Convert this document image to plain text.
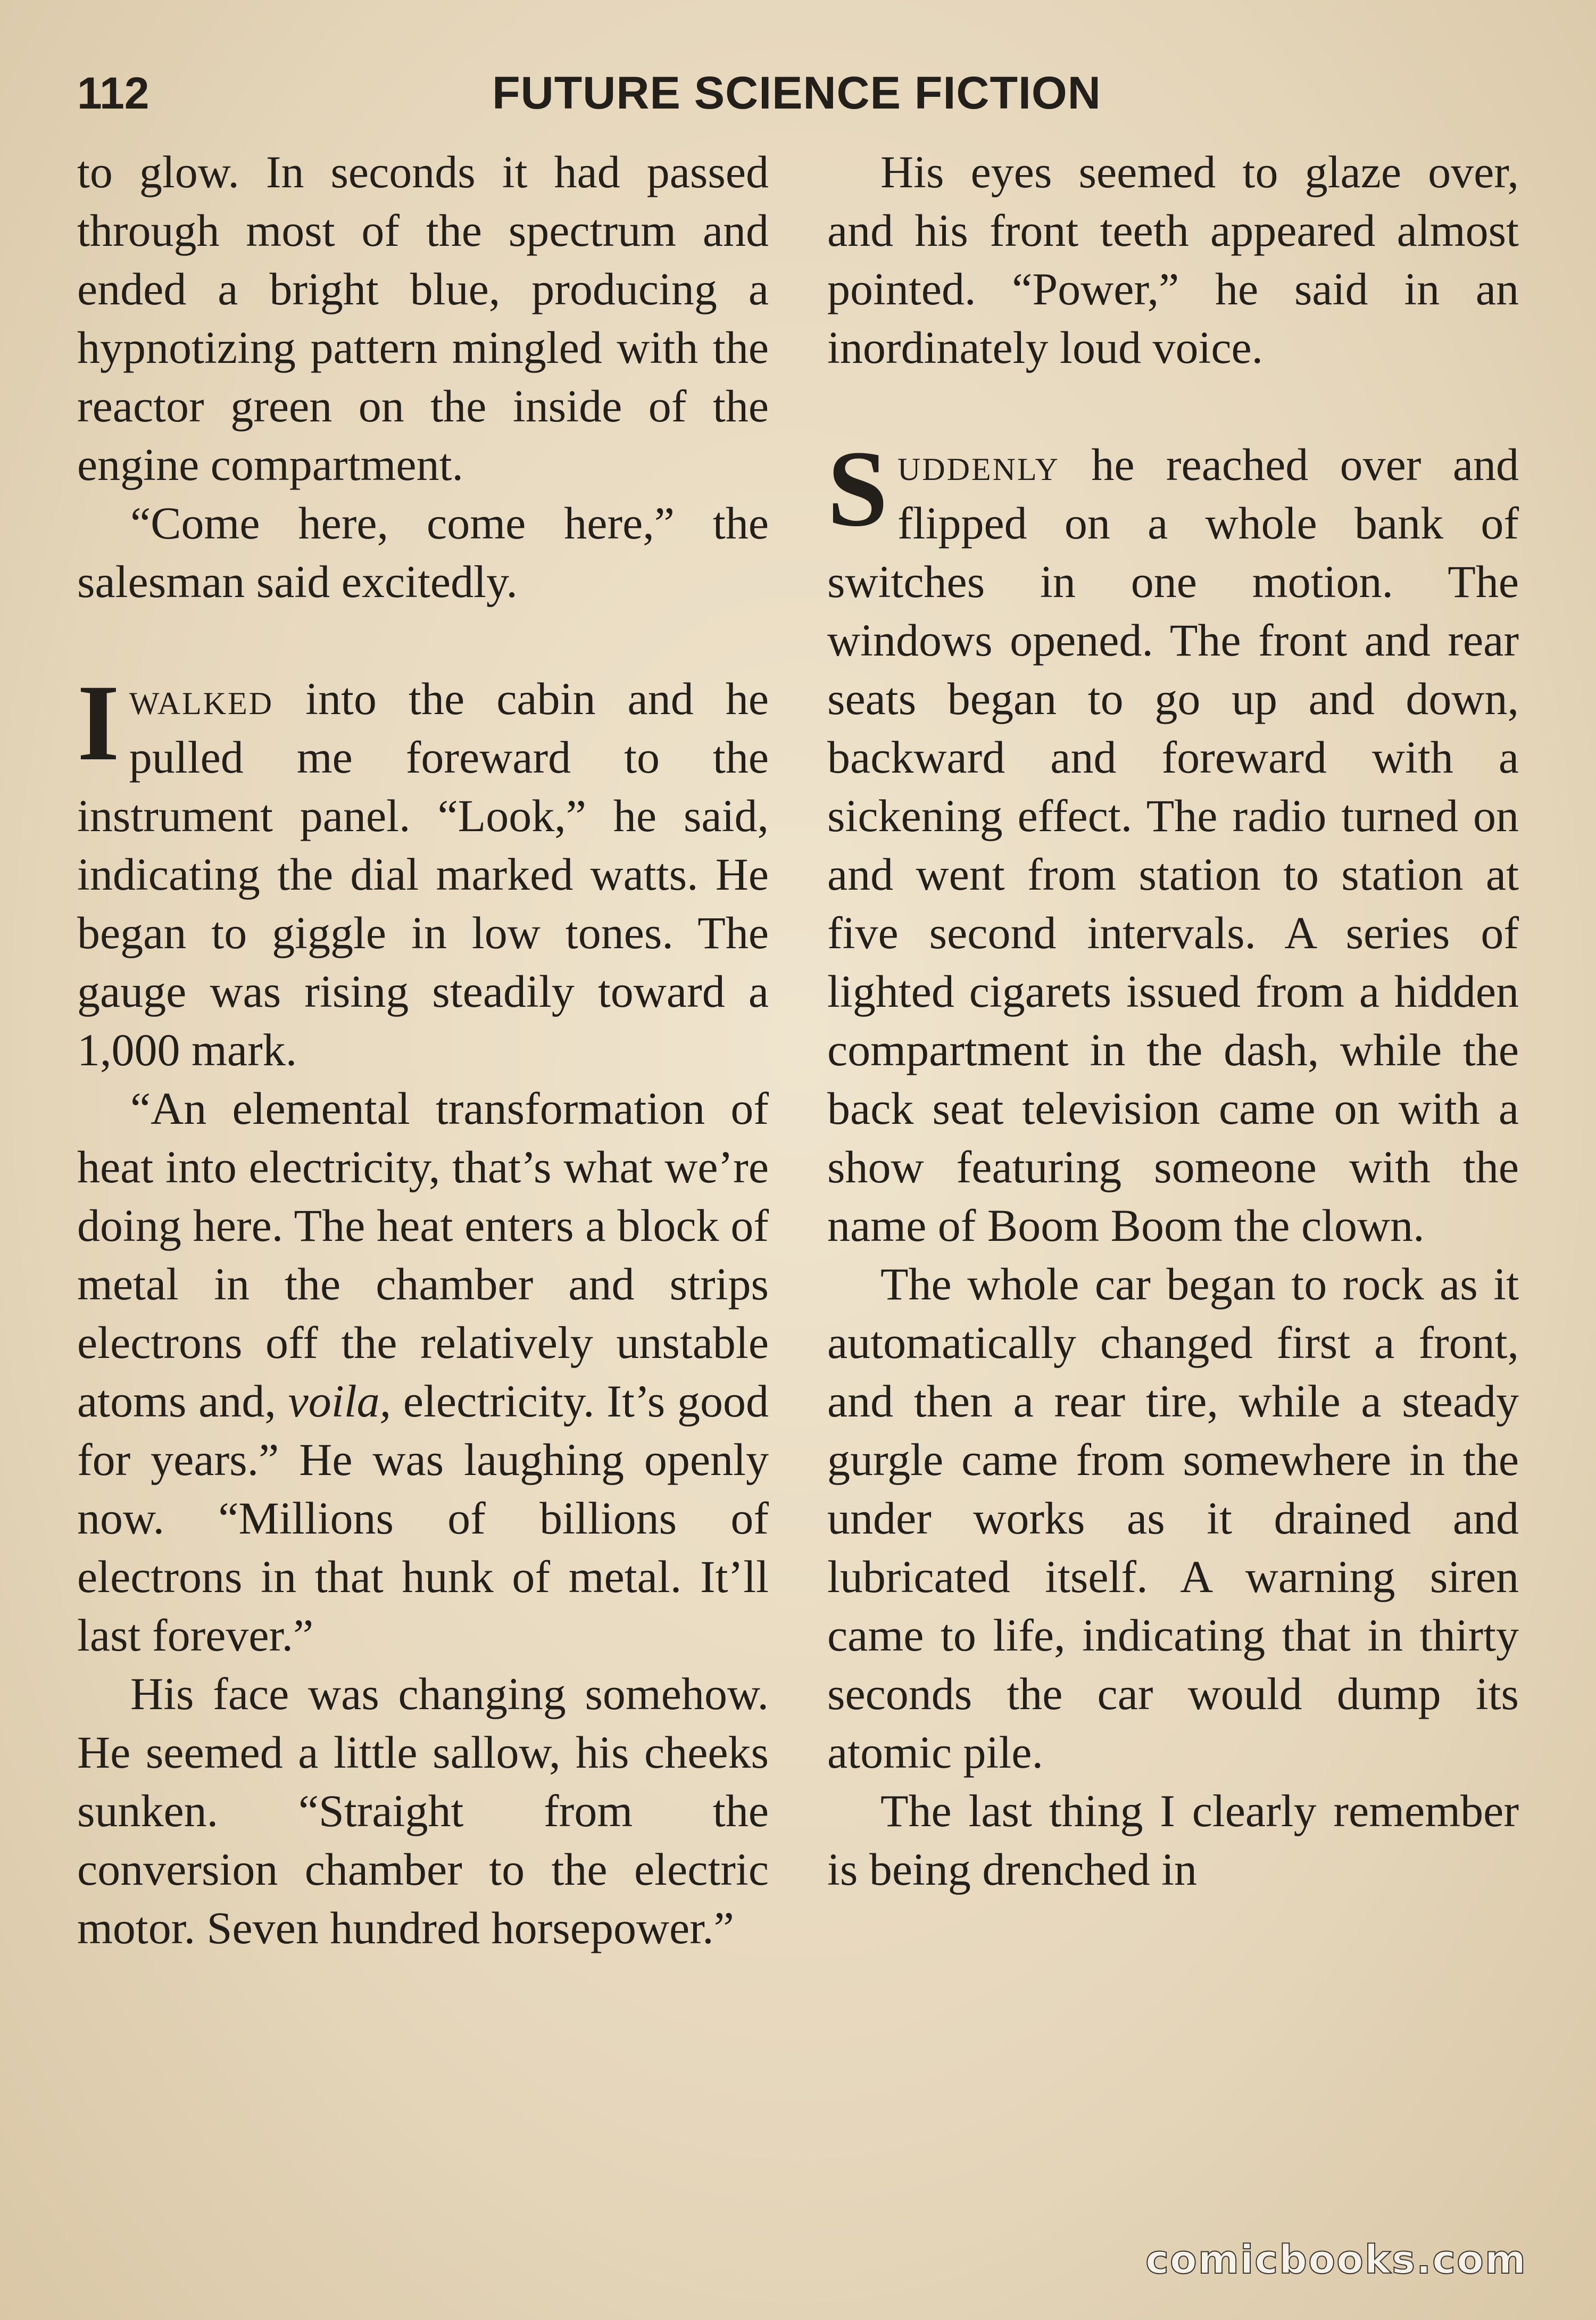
112	FUTURE SCIENCE FICTION

to glow. In seconds it had passed through most of the spectrum and ended a bright blue, producing a hypnotizing pattern mingled with the reactor green on the inside of the engine compartment.

“Come here, come here,” the salesman said excitedly.

Iwalked into the cabin and he pulled me foreward to the instrument panel. “Look,” he said, indicating the dial marked watts. He began to giggle in low tones. The gauge was rising steadily toward a 1,000 mark.

“An elemental transformation of heat into electricity, that’s what we’re doing here. The heat enters a block of metal in the chamber and strips electrons off the relatively unstable atoms and, voila, electricity. It’s good for years.” He was laughing openly now. “Millions of billions of electrons in that hunk of metal. It’ll last forever.”

His face was changing somehow. He seemed a little sallow, his cheeks sunken. “Straight from the conversion chamber to the electric motor. Seven hundred horsepower.”

His eyes seemed to glaze over, and his front teeth appeared almost pointed. “Power,” he said in an inordinately loud voice.

Suddenly he reached over and flipped on a whole bank of switches in one motion. The windows opened. The front and rear seats began to go up and down, backward and foreward with a sickening effect. The radio turned on and went from station to station at five second intervals. A series of lighted cigarets issued from a hidden compartment in the dash, while the back seat television came on with a show featuring someone with the name of Boom Boom the clown.

The whole car began to rock as it automatically changed first a front, and then a rear tire, while a steady gurgle came from somewhere in the under works as it drained and lubricated itself. A warning siren came to life, indicating that in thirty seconds the car would dump its atomic pile.

The last thing I clearly remember is being drenched in

comicbooks.com
